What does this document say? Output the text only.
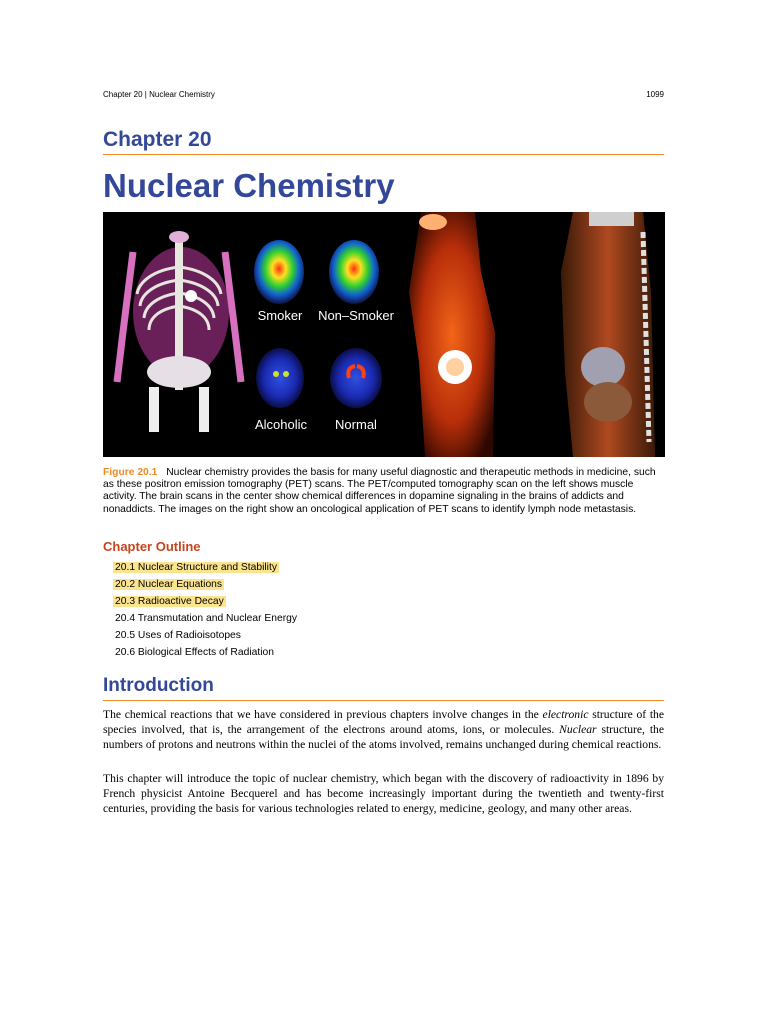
Chapter 20 | Nuclear Chemistry	1099
Chapter 20
Nuclear Chemistry
Smoker Non–Smoker
Alcoholic Normal
Figure 20.1 Nuclear chemistry provides the basis for many useful diagnostic and therapeutic methods in medicine, such as these positron emission tomography (PET) scans. The PET/computed tomography scan on the left shows muscle activity. The brain scans in the center show chemical differences in dopamine signaling in the brains of addicts and nonaddicts. The images on the right show an oncological application of PET scans to identify lymph node metastasis.
Chapter Outline
20.1 Nuclear Structure and Stability
20.2 Nuclear Equations
20.3 Radioactive Decay
20.4 Transmutation and Nuclear Energy
20.5 Uses of Radioisotopes
20.6 Biological Effects of Radiation
Introduction

The chemical reactions that we have considered in previous chapters involve changes in the electronic structure of the species involved, that is, the arrangement of the electrons around atoms, ions, or molecules. Nuclear structure, the numbers of protons and neutrons within the nuclei of the atoms involved, remains unchanged during chemical reactions.

This chapter will introduce the topic of nuclear chemistry, which began with the discovery of radioactivity in 1896 by French physicist Antoine Becquerel and has become increasingly important during the twentieth and twenty-first centuries, providing the basis for various technologies related to energy, medicine, geology, and many other areas.
